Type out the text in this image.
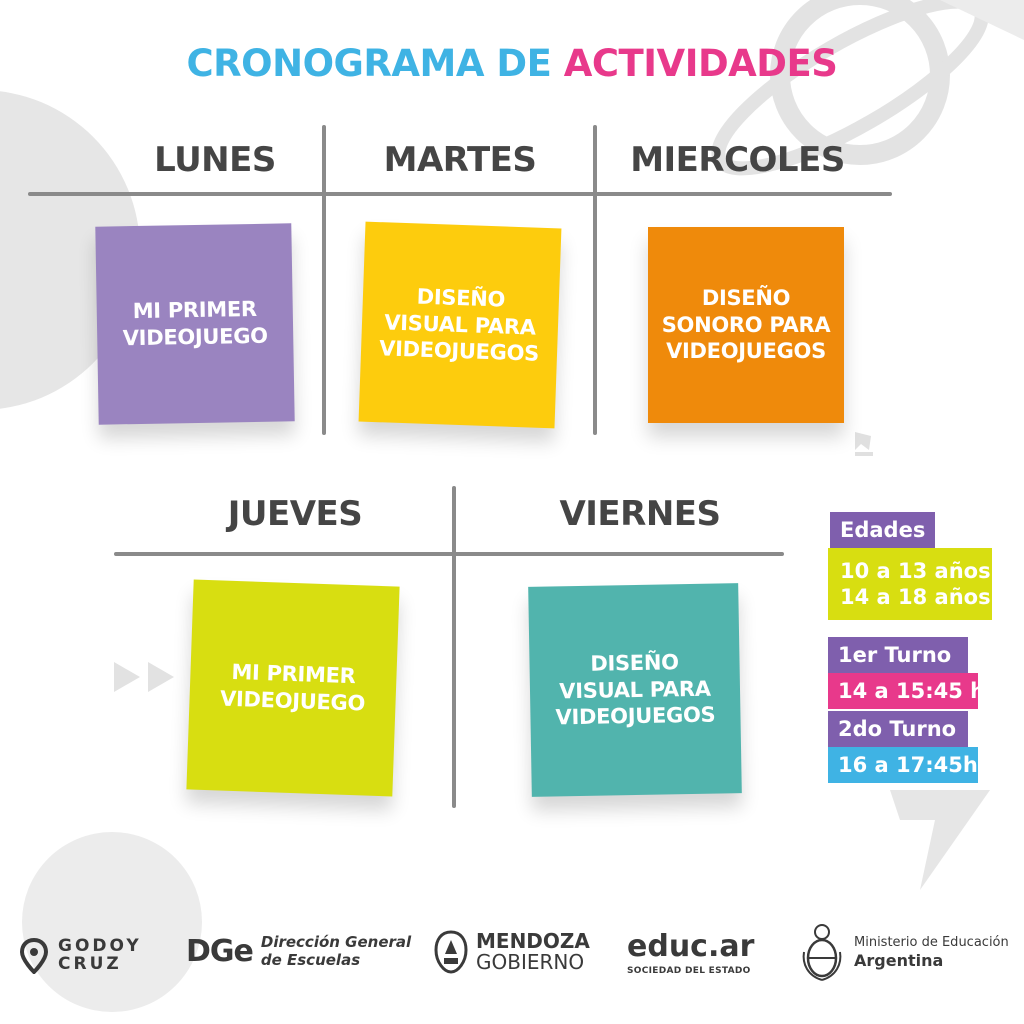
CRONOGRAMA DE ACTIVIDADES
LUNES	MARTES	MIERCOLES
MI PRIMER
VIDEOJUEGO
DISEÑO
VISUAL PARA
VIDEOJUEGOS
DISEÑO
SONORO PARA
VIDEOJUEGOS
JUEVES	VIERNES
MI PRIMER
VIDEOJUEGO
DISEÑO
VISUAL PARA
VIDEOJUEGOS
Edades
10 a 13 años
14 a 18 años
1er Turno
14 a 15:45 h
2do Turno
16 a 17:45h
GODOY
CRUZ	DGe Dirección General
de Escuelas
MENDOZA
GOBIERNO educ.ar
SOCIEDAD DEL ESTADO
Ministerio de Educación
Argentina
